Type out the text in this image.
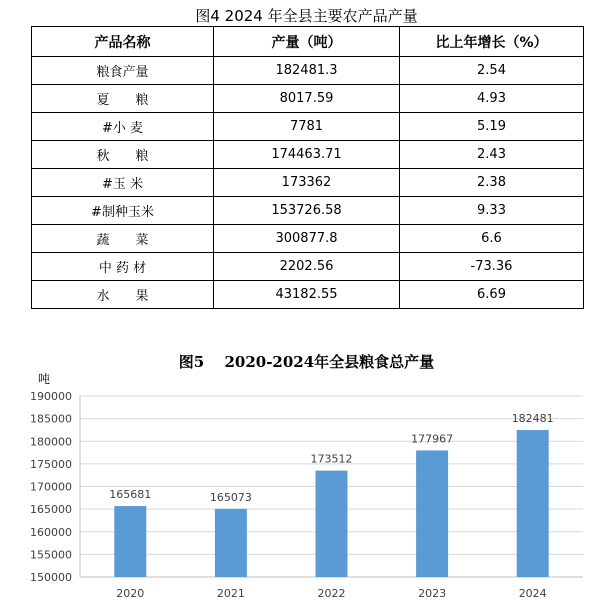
图4 2024 年全县主要农产品产量
产品名称	产量（吨）	比上年增长（%）
粮食产量	182481.3	2.54
夏　　粮	8017.59	4.93
#小 麦	7781	5.19
秋　　粮	174463.71	2.43
#玉 米	173362	2.38
#制种玉米	153726.58	9.33
蔬　　菜	300877.8	6.6
中 药 材	2202.56	-73.36
水　　果	43182.55	6.69
图5　 2020-2024年全县粮食总产量
吨
150000
155000
160000
165000
170000
175000
180000
185000
190000
165681
2020
165073
2021
173512
2022
177967
2023
182481
2024
